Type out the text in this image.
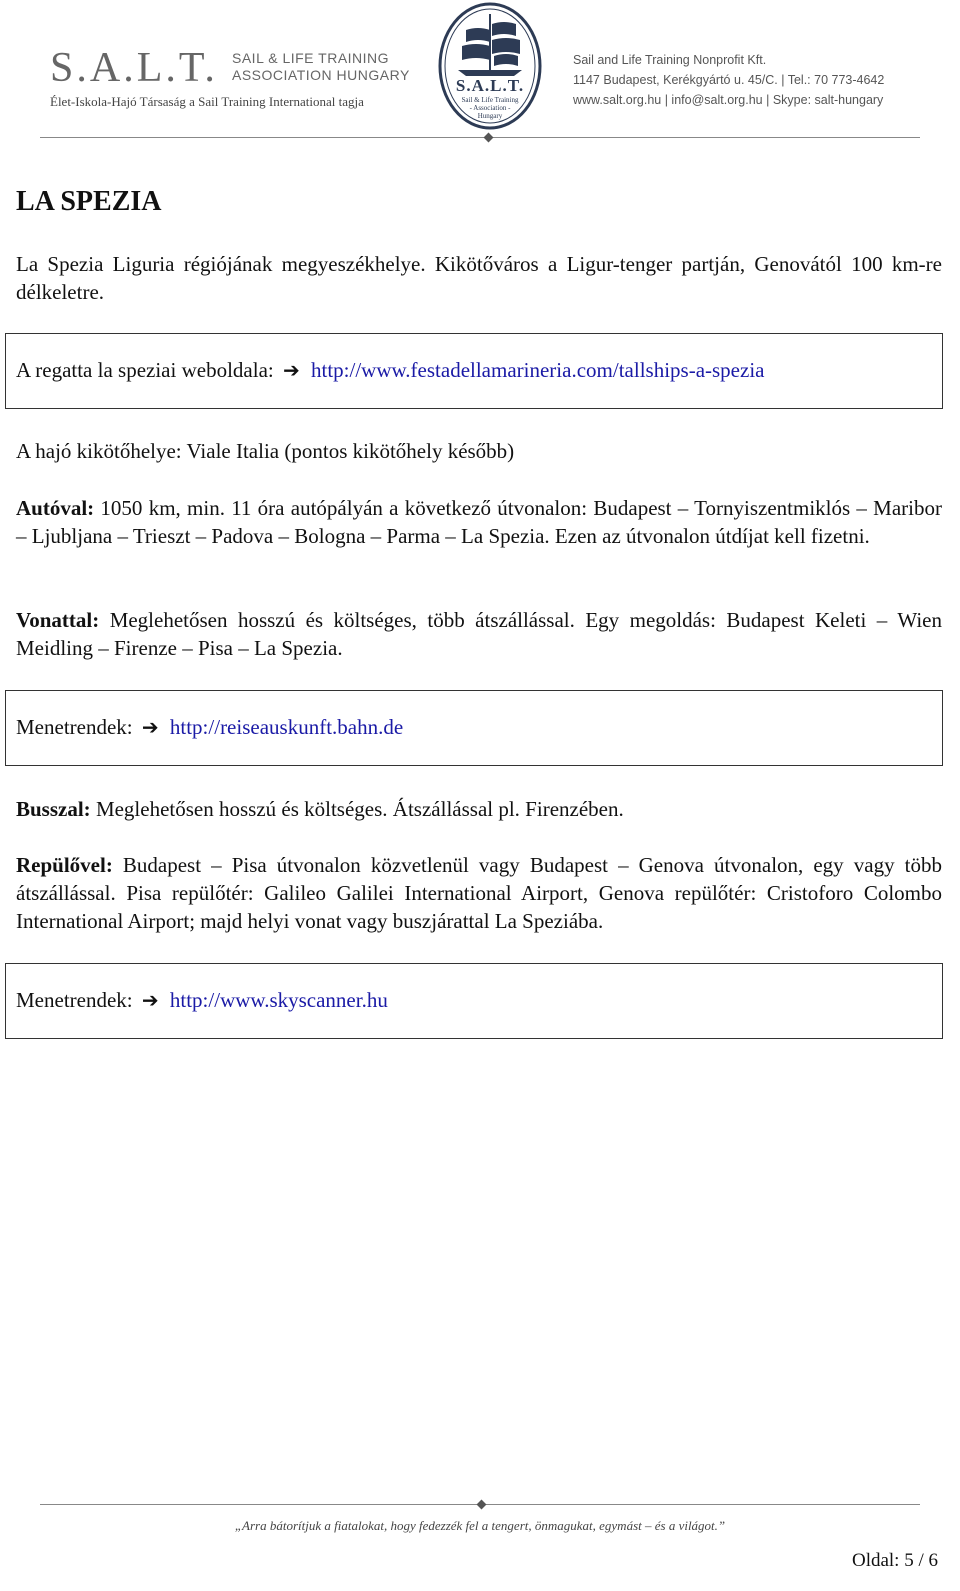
S.A.L.T. SAIL & LIFE TRAINING
ASSOCIATION HUNGARY
Élet-Iskola-Hajó Társaság a Sail Training International tagja
S.A.L.T.
Sail & Life Training
- Association -
Hungary
Sail and Life Training Nonprofit Kft.
1147 Budapest, Kerékgyártó u. 45/C. | Tel.: 70 773-4642
www.salt.org.hu | info@salt.org.hu | Skype: salt-hungary
LA SPEZIA
La Spezia Liguria régiójának megyeszékhelye. Kikötőváros a Ligur-tenger partján, Genovától 100 km-re délkeletre.
A regatta la speziai weboldala: ➔ http://www.festadellamarineria.com/tallships-a-spezia
A hajó kikötőhelye: Viale Italia (pontos kikötőhely később)
Autóval: 1050 km, min. 11 óra autópályán a következő útvonalon: Budapest – Tornyiszentmiklós – Maribor – Ljubljana – Trieszt – Padova – Bologna – Parma – La Spezia. Ezen az útvonalon útdíjat kell fizetni.
Vonattal: Meglehetősen hosszú és költséges, több átszállással. Egy megoldás: Budapest Keleti – Wien Meidling – Firenze – Pisa – La Spezia.
Menetrendek: ➔ http://reiseauskunft.bahn.de
Busszal: Meglehetősen hosszú és költséges. Átszállással pl. Firenzében.
Repülővel: Budapest – Pisa útvonalon közvetlenül vagy Budapest – Genova útvonalon, egy vagy több átszállással. Pisa repülőtér: Galileo Galilei International Airport, Genova repülőtér: Cristoforo Colombo International Airport; majd helyi vonat vagy buszjárattal La Speziába.
Menetrendek: ➔ http://www.skyscanner.hu
„Arra bátorítjuk a fiatalokat, hogy fedezzék fel a tengert, önmagukat, egymást – és a világot.”
Oldal: 5 / 6
